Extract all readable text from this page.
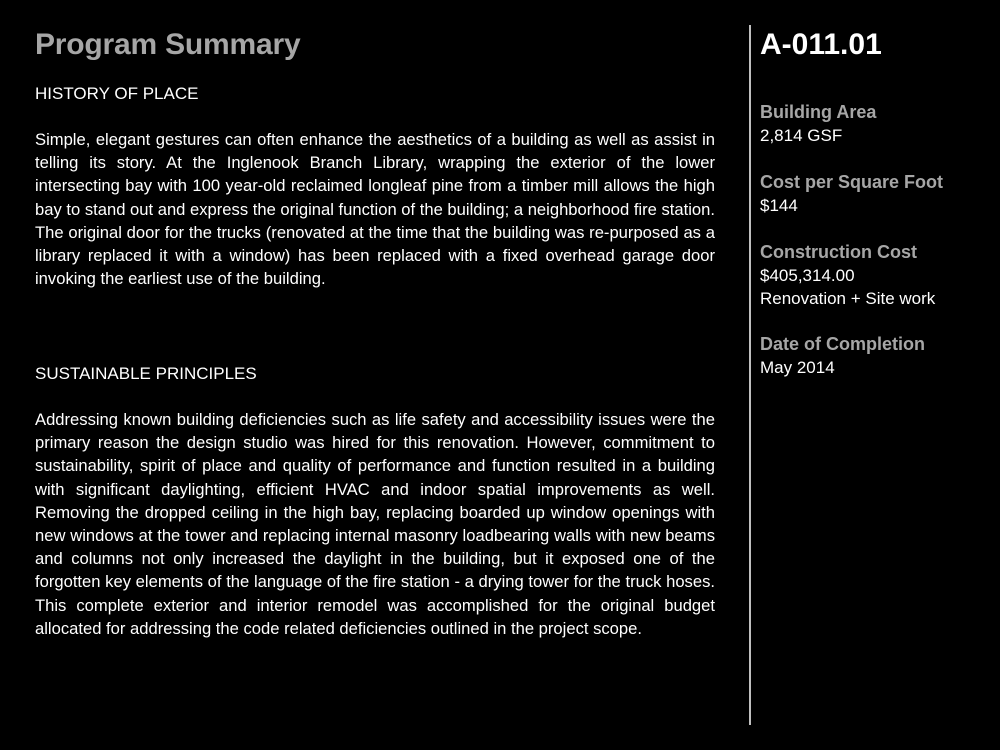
Program Summary
HISTORY OF PLACE

Simple, elegant gestures can often enhance the aesthetics of a building as well as assist in telling its story. At the Inglenook Branch Library, wrapping the exterior of the lower intersecting bay with 100 year-old reclaimed longleaf pine from a timber mill allows the high bay to stand out and express the original function of the building; a neighborhood fire station. The original door for the trucks (renovated at the time that the building was re-purposed as a library replaced it with a window) has been replaced with a fixed overhead garage door invoking the earliest use of the building.

SUSTAINABLE PRINCIPLES

Addressing known building deficiencies such as life safety and accessibility issues were the primary reason the design studio was hired for this renovation. However, commitment to sustainability, spirit of place and quality of performance and function resulted in a building with significant daylighting, efficient HVAC and indoor spatial improvements as well. Removing the dropped ceiling in the high bay, replacing boarded up window openings with new windows at the tower and replacing internal masonry loadbearing walls with new beams and columns not only increased the daylight in the building, but it exposed one of the forgotten key elements of the language of the fire station - a drying tower for the truck hoses. This complete exterior and interior remodel was accomplished for the original budget allocated for addressing the code related deficiencies outlined in the project scope.

A-011.01
Building Area
2,814 GSF
Cost per Square Foot
$144
Construction Cost
$405,314.00
Renovation + Site work
Date of Completion
May 2014
